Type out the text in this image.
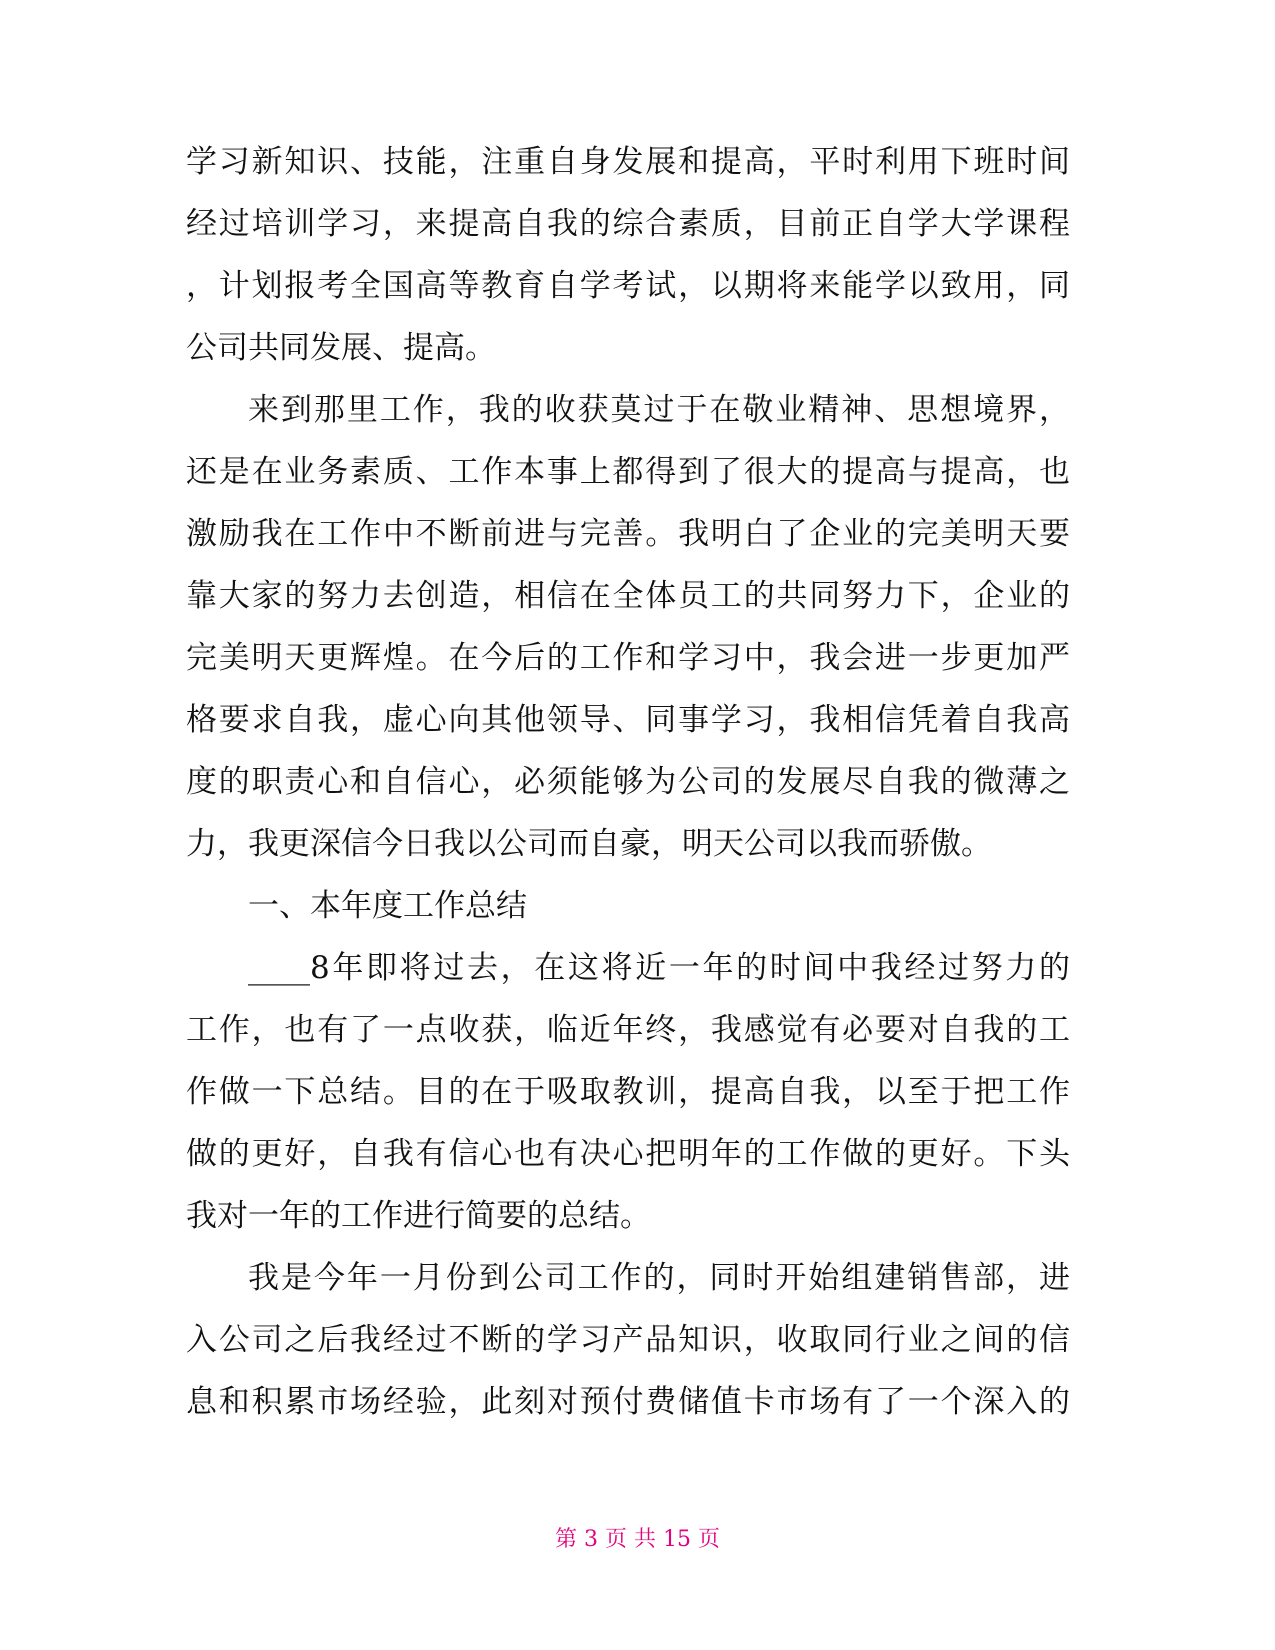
学习新知识、技能，注重自身发展和提高，平时利用下班时间
经过培训学习，来提高自我的综合素质，目前正自学大学课程
，计划报考全国高等教育自学考试，以期将来能学以致用，同
公司共同发展、提高。
来到那里工作，我的收获莫过于在敬业精神、思想境界，
还是在业务素质、工作本事上都得到了很大的提高与提高，也
激励我在工作中不断前进与完善。我明白了企业的完美明天要
靠大家的努力去创造，相信在全体员工的共同努力下，企业的
完美明天更辉煌。在今后的工作和学习中，我会进一步更加严
格要求自我，虚心向其他领导、同事学习，我相信凭着自我高
度的职责心和自信心，必须能够为公司的发展尽自我的微薄之
力，我更深信今日我以公司而自豪，明天公司以我而骄傲。
一、本年度工作总结
____8年即将过去，在这将近一年的时间中我经过努力的
工作，也有了一点收获，临近年终，我感觉有必要对自我的工
作做一下总结。目的在于吸取教训，提高自我，以至于把工作
做的更好，自我有信心也有决心把明年的工作做的更好。下头
我对一年的工作进行简要的总结。
我是今年一月份到公司工作的，同时开始组建销售部，进
入公司之后我经过不断的学习产品知识，收取同行业之间的信
息和积累市场经验，此刻对预付费储值卡市场有了一个深入的
第 3 页 共 15 页
